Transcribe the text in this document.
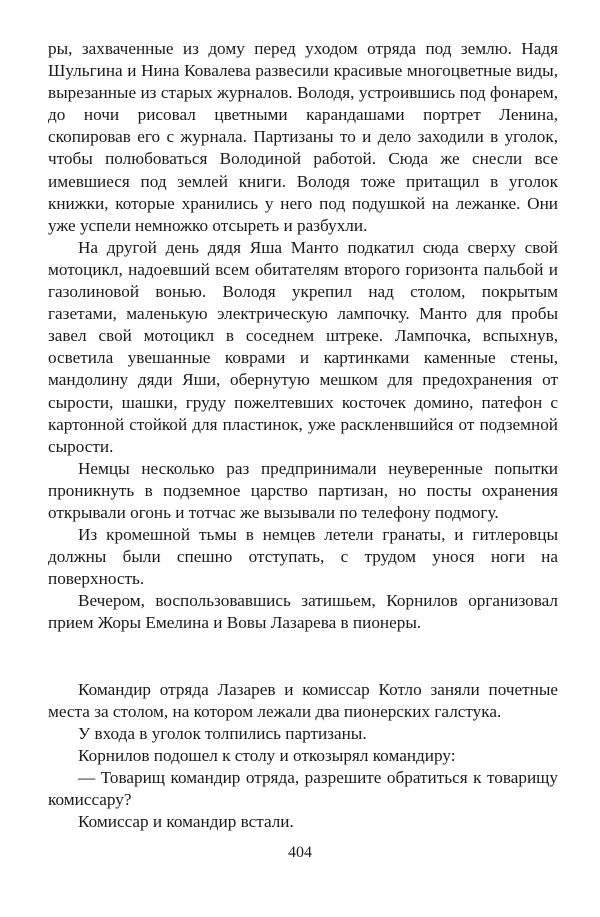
ры, захваченные из дому перед уходом отряда под землю. Надя Шульгина и Нина Ковалева развесили красивые многоцветные виды, вырезанные из старых журналов. Володя, устроившись под фонарем, до ночи рисовал цветными карандашами портрет Ленина, скопировав его с журнала. Партизаны то и дело заходили в уголок, чтобы полюбоваться Володиной работой. Сюда же снесли все имевшиеся под землей книги. Володя тоже притащил в уголок книжки, которые хранились у него под подушкой на лежанке. Они уже успели немножко отсыреть и разбухли.

На другой день дядя Яша Манто подкатил сюда сверху свой мотоцикл, надоевший всем обитателям второго горизонта пальбой и газолиновой вонью. Володя укрепил над столом, покрытым газетами, маленькую электрическую лампочку. Манто для пробы завел свой мотоцикл в соседнем штреке. Лампочка, вспыхнув, осветила увешанные коврами и картинками каменные стены, мандолину дяди Яши, обернутую мешком для предохранения от сырости, шашки, груду пожелтевших косточек домино, патефон с картонной стойкой для пластинок, уже раскленвшийся от подземной сырости.

Немцы несколько раз предпринимали неуверенные попытки проникнуть в подземное царство партизан, но посты охранения открывали огонь и тотчас же вызывали по телефону подмогу.

Из кромешной тьмы в немцев летели гранаты, и гитлеровцы должны были спешно отступать, с трудом унося ноги на поверхность.

Вечером, воспользовавшись затишьем, Корнилов организовал прием Жоры Емелина и Вовы Лазарева в пионеры.

Командир отряда Лазарев и комиссар Котло заняли почетные места за столом, на котором лежали два пионерских галстука.

У входа в уголок толпились партизаны.

Корнилов подошел к столу и откозырял командиру:

— Товарищ командир отряда, разрешите обратиться к товарищу комиссару?

Комиссар и командир встали.

404
